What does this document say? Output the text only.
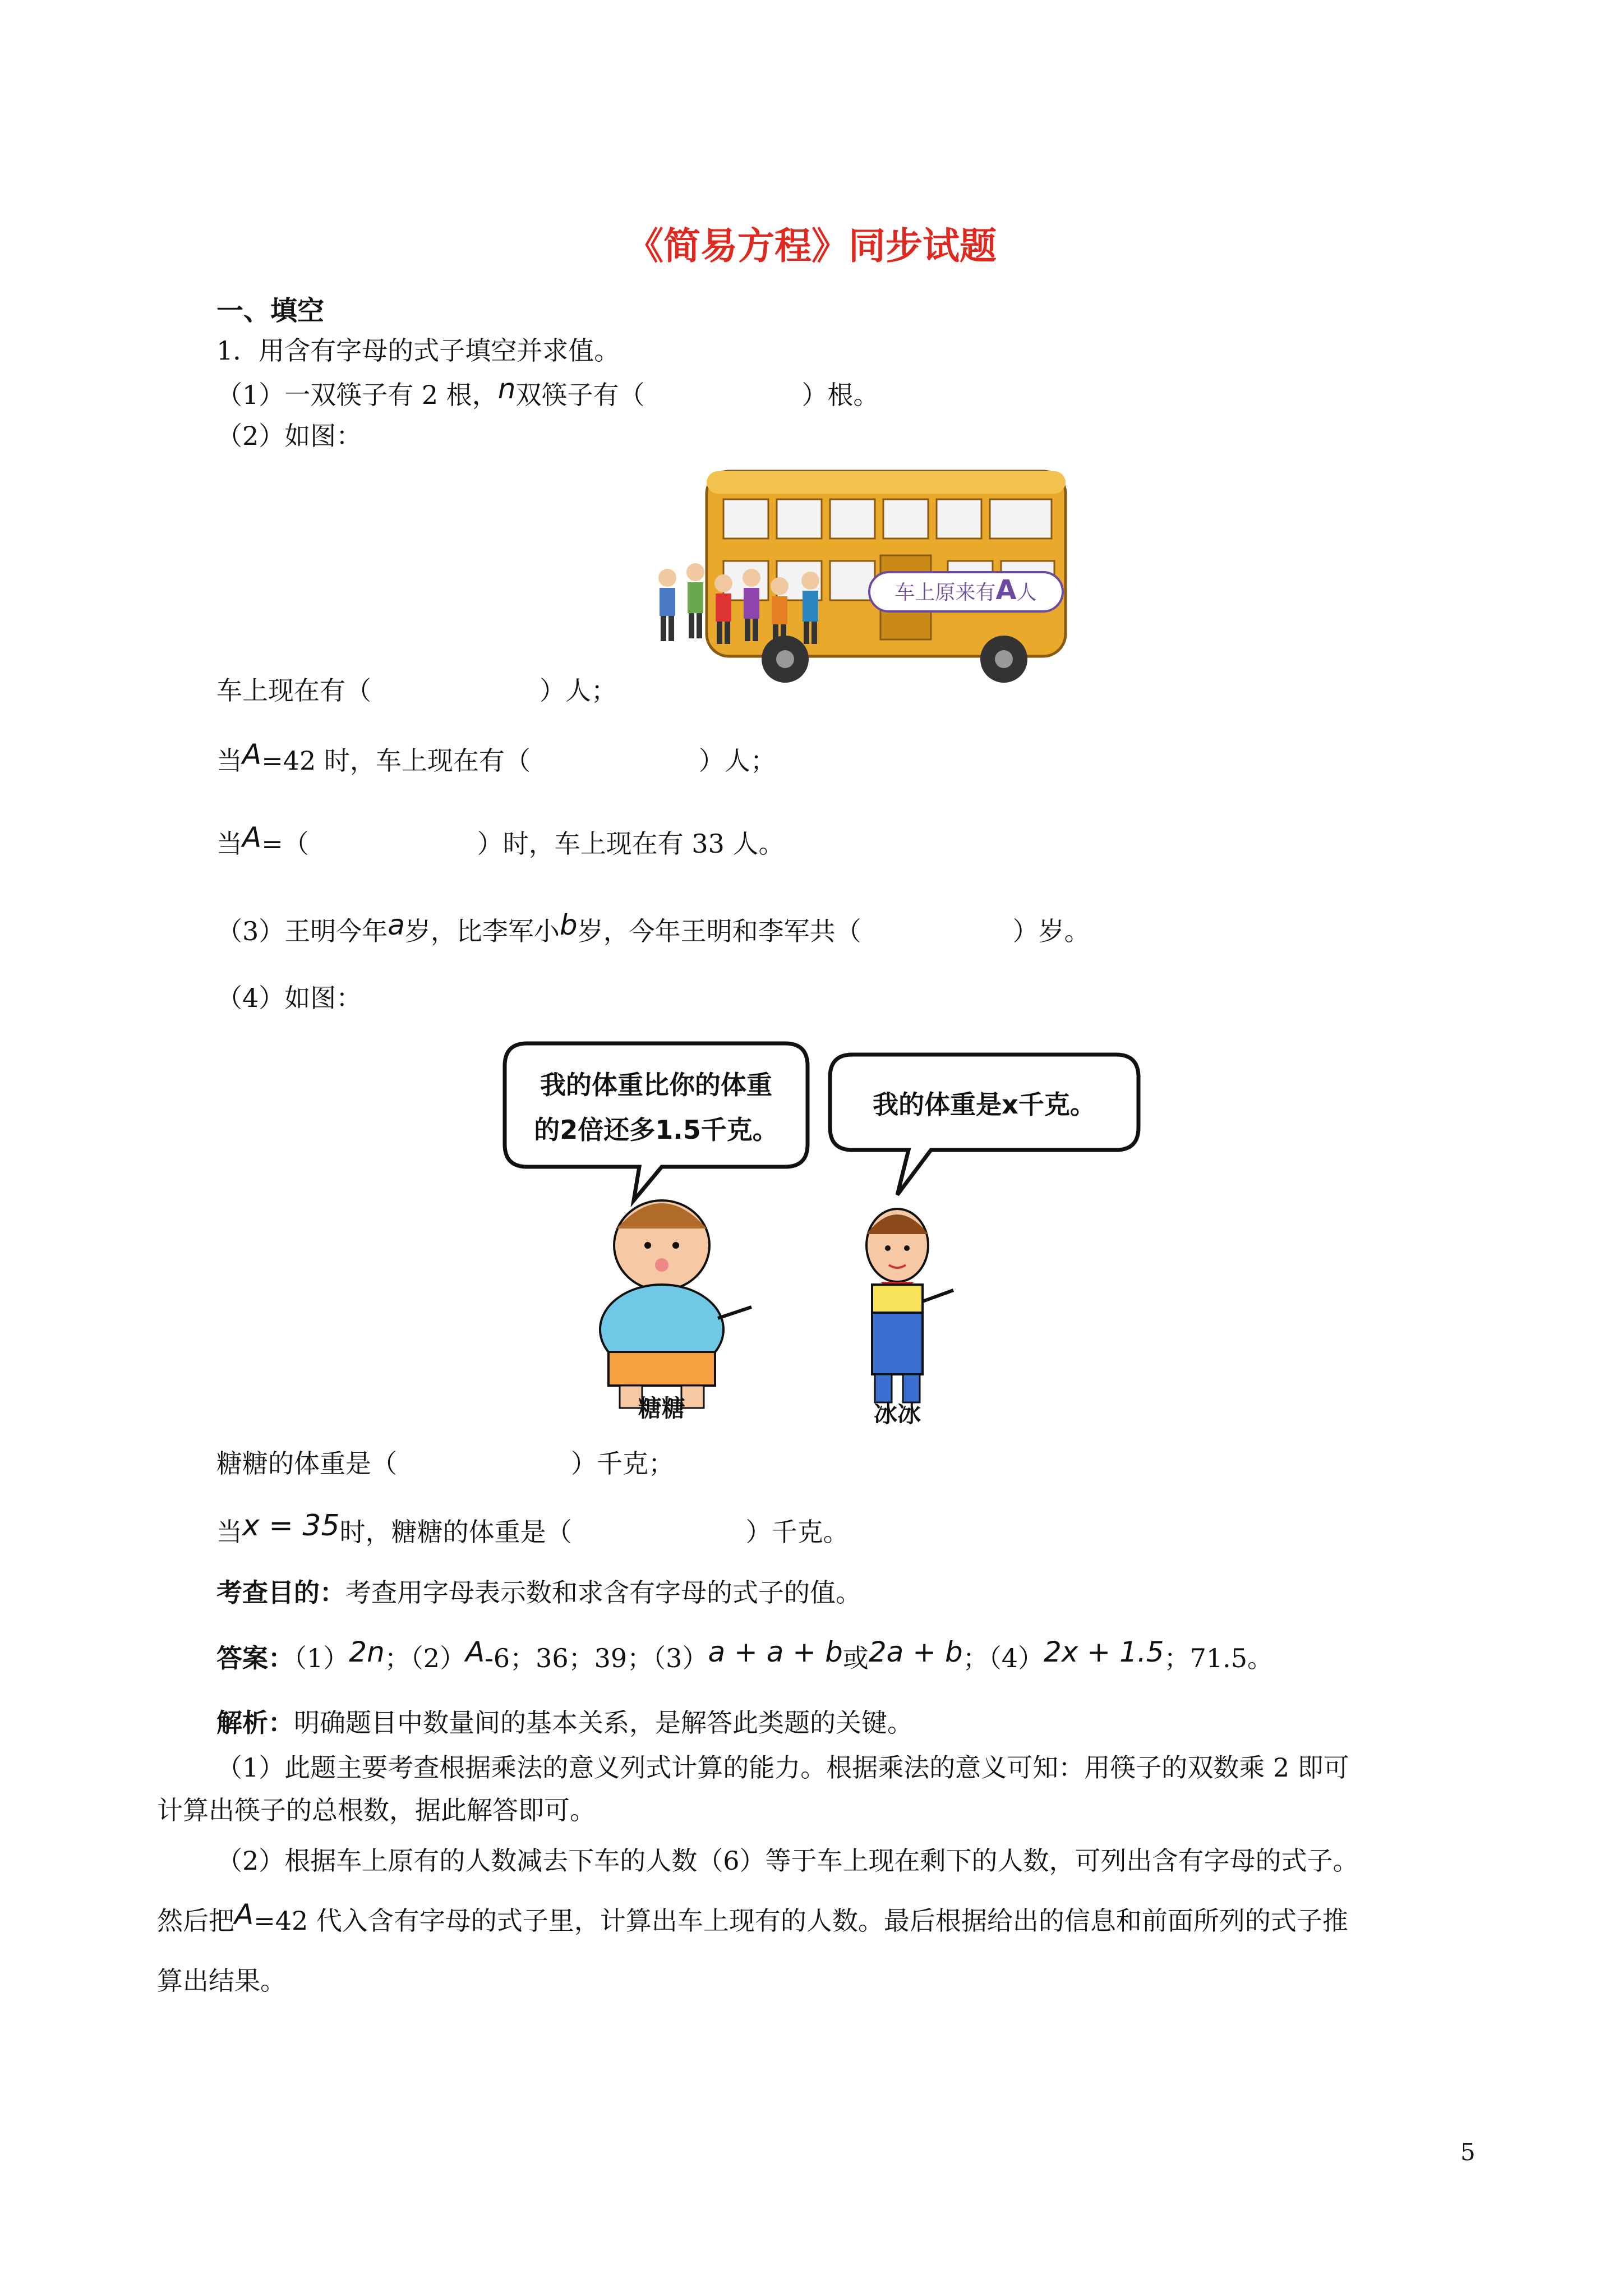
《简易方程》同步试题
一、填空
1．用含有字母的式子填空并求值。
（1）一双筷子有 2 根，n双筷子有（	）根。
（2）如图：
车上原来有A人
车上现在有（	）人；
当A=42 时，车上现在有（	）人；
当A=（	）时，车上现在有 33 人。
（3）王明今年a岁，比李军小b岁，今年王明和李军共（	）岁。
（4）如图：
我的体重比你的体重
的2倍还多1.5千克。
我的体重是x千克。
糖糖	冰冰
糖糖的体重是（	）千克；
当x = 35时，糖糖的体重是（	）千克。
考查目的：考查用字母表示数和求含有字母的式子的值。
答案：（1）2n；（2）A-6；36；39；（3）a + a + b或2a + b；（4）2x + 1.5；71.5。
解析：明确题目中数量间的基本关系，是解答此类题的关键。
（1）此题主要考查根据乘法的意义列式计算的能力。根据乘法的意义可知：用筷子的双数乘 2 即可
计算出筷子的总根数，据此解答即可。
（2）根据车上原有的人数减去下车的人数（6）等于车上现在剩下的人数，可列出含有字母的式子。
然后把A=42 代入含有字母的式子里，计算出车上现有的人数。最后根据给出的信息和前面所列的式子推
算出结果。
5
